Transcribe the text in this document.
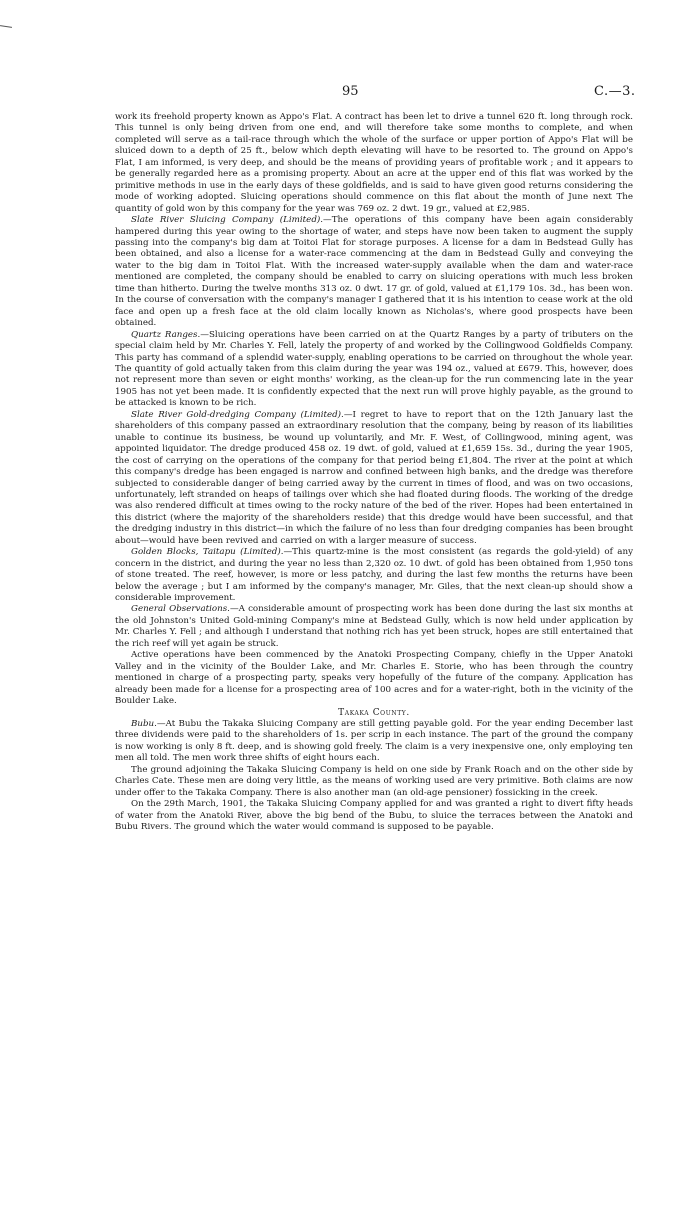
95	C.—3.

work its freehold property known as Appo's Flat. A contract has been let to drive a tunnel 620 ft. long through rock. This tunnel is only being driven from one end, and will therefore take some months to complete, and when completed will serve as a tail-race through which the whole of the surface or upper portion of Appo's Flat will be sluiced down to a depth of 25 ft., below which depth elevating will have to be resorted to. The ground on Appo's Flat, I am informed, is very deep, and should be the means of providing years of profitable work ; and it appears to be generally regarded here as a promising property. About an acre at the upper end of this flat was worked by the primitive methods in use in the early days of these goldfields, and is said to have given good returns considering the mode of working adopted. Sluicing operations should commence on this flat about the month of June next The quantity of gold won by this company for the year was 769 oz. 2 dwt. 19 gr., valued at £2,985.

Slate River Sluicing Company (Limited).—The operations of this company have been again considerably hampered during this year owing to the shortage of water, and steps have now been taken to augment the supply passing into the company's big dam at Toitoi Flat for storage purposes. A license for a dam in Bedstead Gully has been obtained, and also a license for a water-race commencing at the dam in Bedstead Gully and conveying the water to the big dam in Toitoi Flat. With the increased water-supply available when the dam and water-race mentioned are completed, the company should be enabled to carry on sluicing operations with much less broken time than hitherto. During the twelve months 313 oz. 0 dwt. 17 gr. of gold, valued at £1,179 10s. 3d., has been won. In the course of conversation with the company's manager I gathered that it is his intention to cease work at the old face and open up a fresh face at the old claim locally known as Nicholas's, where good prospects have been obtained.

Quartz Ranges.—Sluicing operations have been carried on at the Quartz Ranges by a party of tributers on the special claim held by Mr. Charles Y. Fell, lately the property of and worked by the Collingwood Goldfields Company. This party has command of a splendid water-supply, enabling operations to be carried on throughout the whole year. The quantity of gold actually taken from this claim during the year was 194 oz., valued at £679. This, however, does not represent more than seven or eight months' working, as the clean-up for the run commencing late in the year 1905 has not yet been made. It is confidently expected that the next run will prove highly payable, as the ground to be attacked is known to be rich.

Slate River Gold-dredging Company (Limited).—I regret to have to report that on the 12th January last the shareholders of this company passed an extraordinary resolution that the company, being by reason of its liabilities unable to continue its business, be wound up voluntarily, and Mr. F. West, of Collingwood, mining agent, was appointed liquidator. The dredge produced 458 oz. 19 dwt. of gold, valued at £1,659 15s. 3d., during the year 1905, the cost of carrying on the operations of the company for that period being £1,804. The river at the point at which this company's dredge has been engaged is narrow and confined between high banks, and the dredge was therefore subjected to considerable danger of being carried away by the current in times of flood, and was on two occasions, unfortunately, left stranded on heaps of tailings over which she had floated during floods. The working of the dredge was also rendered difficult at times owing to the rocky nature of the bed of the river. Hopes had been entertained in this district (where the majority of the shareholders reside) that this dredge would have been successful, and that the dredging industry in this district—in which the failure of no less than four dredging companies has been brought about—would have been revived and carried on with a larger measure of success.

Golden Blocks, Taitapu (Limited).—This quartz-mine is the most consistent (as regards the gold-yield) of any concern in the district, and during the year no less than 2,320 oz. 10 dwt. of gold has been obtained from 1,950 tons of stone treated. The reef, however, is more or less patchy, and during the last few months the returns have been below the average ; but I am informed by the company's manager, Mr. Giles, that the next clean-up should show a considerable improvement.

General Observations.—A considerable amount of prospecting work has been done during the last six months at the old Johnston's United Gold-mining Company's mine at Bedstead Gully, which is now held under application by Mr. Charles Y. Fell ; and although I understand that nothing rich has yet been struck, hopes are still entertained that the rich reef will yet again be struck.

Active operations have been commenced by the Anatoki Prospecting Company, chiefly in the Upper Anatoki Valley and in the vicinity of the Boulder Lake, and Mr. Charles E. Storie, who has been through the country mentioned in charge of a prospecting party, speaks very hopefully of the future of the company. Application has already been made for a license for a prospecting area of 100 acres and for a water-right, both in the vicinity of the Boulder Lake.

Takaka County.

Bubu.—At Bubu the Takaka Sluicing Company are still getting payable gold. For the year ending December last three dividends were paid to the shareholders of 1s. per scrip in each instance. The part of the ground the company is now working is only 8 ft. deep, and is showing gold freely. The claim is a very inexpensive one, only employing ten men all told. The men work three shifts of eight hours each.

The ground adjoining the Takaka Sluicing Company is held on one side by Frank Roach and on the other side by Charles Cate. These men are doing very little, as the means of working used are very primitive. Both claims are now under offer to the Takaka Company. There is also another man (an old-age pensioner) fossicking in the creek.

On the 29th March, 1901, the Takaka Sluicing Company applied for and was granted a right to divert fifty heads of water from the Anatoki River, above the big bend of the Bubu, to sluice the terraces between the Anatoki and Bubu Rivers. The ground which the water would command is supposed to be payable.
